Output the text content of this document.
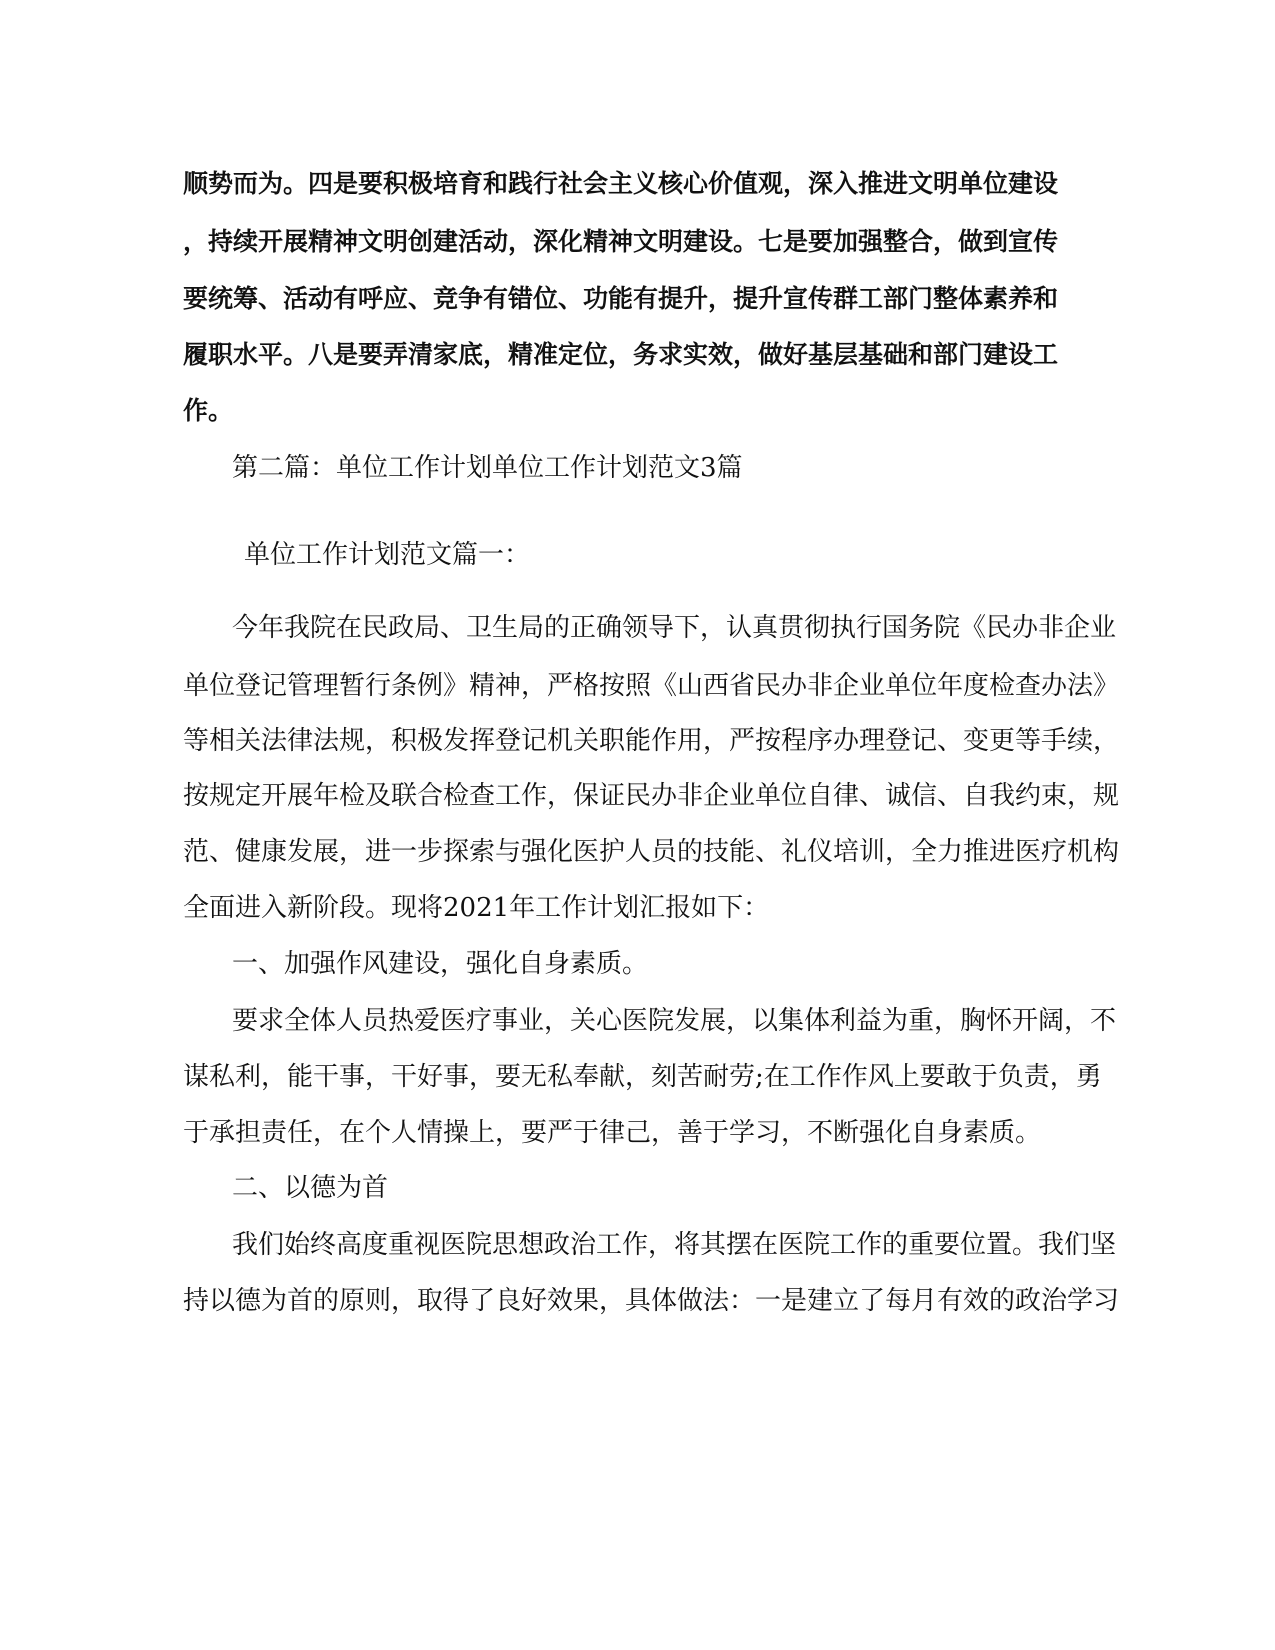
顺势而为。四是要积极培育和践行社会主义核心价值观，深入推进文明单位建设

，持续开展精神文明创建活动，深化精神文明建设。七是要加强整合，做到宣传

要统筹、活动有呼应、竞争有错位、功能有提升，提升宣传群工部门整体素养和

履职水平。八是要弄清家底，精准定位，务求实效，做好基层基础和部门建设工

作。

第二篇：单位工作计划单位工作计划范文3篇

单位工作计划范文篇一：

今年我院在民政局、卫生局的正确领导下，认真贯彻执行国务院《民办非企业

单位登记管理暂行条例》精神，严格按照《山西省民办非企业单位年度检查办法》

等相关法律法规，积极发挥登记机关职能作用，严按程序办理登记、变更等手续，

按规定开展年检及联合检查工作，保证民办非企业单位自律、诚信、自我约束，规

范、健康发展，进一步探索与强化医护人员的技能、礼仪培训，全力推进医疗机构

全面进入新阶段。现将2021年工作计划汇报如下：

一、加强作风建设，强化自身素质。

要求全体人员热爱医疗事业，关心医院发展，以集体利益为重，胸怀开阔，不

谋私利，能干事，干好事，要无私奉献，刻苦耐劳;在工作作风上要敢于负责，勇

于承担责任，在个人情操上，要严于律己，善于学习，不断强化自身素质。

二、以德为首

我们始终高度重视医院思想政治工作，将其摆在医院工作的重要位置。我们坚

持以德为首的原则，取得了良好效果，具体做法：一是建立了每月有效的政治学习
